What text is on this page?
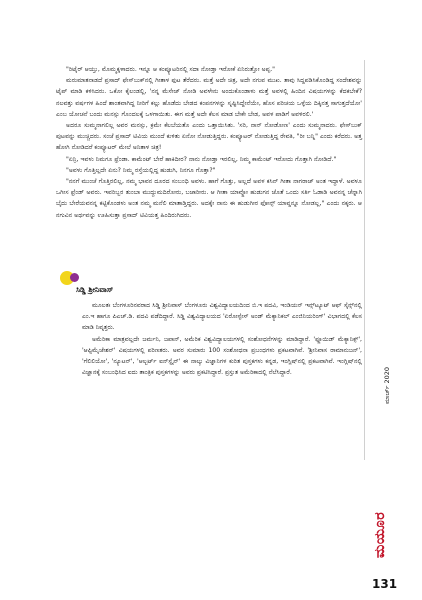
"ರಿಟೈರ್ ಆಯ್ತು, ಮೊಮ್ಮಕ್ಕಳಾದರು. ಇನ್ನೂ ಆ ಕಂಪ್ಯೂಟರಿನಲ್ಲಿ ಸದಾ ನೋಡ್ತಾ ಇರೋಕೆ ಏನಿರುತ್ತೋ ಅಪ್ಪ."

ಮರುಮಾತನಾಡದೆ ಪ್ರಸಾದ್ ಫೇಸ್‌ಬುಕ್‌ನಲ್ಲಿ ಗೀತಾಳ ಫುಟ ತೆರೆದರು. ಮತ್ತೆ ಅದೇ ಚಿತ್ರ, ಅದೇ ನಗುವ ಮುಖ. ತಾವು ಸಿದ್ದಪಡಿಸಿಕೊಂಡಿದ್ದ ಸಂದೇಶವನ್ನು ಟೈಪ್ ಮಾಡಿ ಕಳಿಸಿದರು. ಒಕೋ ಕೈಲಂಡಲ್ಲಿ, 'ನನ್ನ ಮೆಸೇಜ್ ನೋಡಿ ಅವಳೇನು ಅಂದುಕೊಂಡಾಳು ಮತ್ತೆ ಅವಳಲ್ಲಿ ಹಿಂದಿನ ವಿಷಯಗಳನ್ನು ಕೆದಕಬೇಕೆ? ನಲವತ್ತು ವರ್ಷಗಳ ಹಿಂದೆ ಶಾಂತವಾಗಿದ್ದ ನೀರಿಗೆ ಕಲ್ಲು ಹೊಡೆದು ಬೇಡದ ಕಂಪನಗಳನ್ನು ಸೃಷ್ಟಿಸಿದ್ದೇನೆಯೇ, ಹೊಸ ಪರಿಚಯ ಒಳ್ಳೆಯ ದಿಕ್ಕಿನತ್ತ ಸಾಗುತ್ತದೆಯೋ' ಎಂಬ ಯೋಚನೆ ಬಂದು ಮನಸ್ಸು ಗೊಂದಲಕ್ಕೆ ಒಳಗಾಯಿತು. ಈಗ ಮತ್ತೆ ಅದೇ ಕೆಲಸ ಮಾಡ ಬೇಕೇ ಬೇಡ, ಅವಳ ಪಾಡಿಗೆ ಅವಳಿರಲಿ.'

ಅದರೂ ಸುಮ್ಮನಾಗಲಿಲ್ಲ ಅವರ ಮನಸ್ಸು, ಕ್ರಮೇ ಕೆಲಬೆಯತೊ ಎಂದು ಒತ್ತಾಯಿಸಿತು. 'ಸರಿ, ನಾನ್ ನೋಡೋಣ' ಎಂದು ಸುಮ್ಮನಾದರು. ಫೇಸ್‌ಬುಕ್ ಪುಟವನ್ನು ಮುಚ್ಚಿದರು. ಸಂಜೆ ಪ್ರಸಾದ್ ಟಿವಿಯ ಮುಂದೆ ಕುಳಿತು ಏನೋ ನೋಡುತ್ತಿದ್ದರು. ಕಂಪ್ಯೂಟರ್ ನೋಡುತ್ತಿದ್ದ ರೇವತಿ, "ರೀ ಬನ್ನಿ" ಎಂದು ಕರೆದರು. ಅತ್ತ ಹೋಗಿ ನೋಡಿದರೆ ಕಂಪ್ಯೂಟರ್ ಮೇಲೆ ಅನಿತಾಳ ಚಿತ್ರ!

"ಏನ್ರಿ, ಇವಳು ನಿಮಗೂ ಫ್ರೆಂಡಾ. ಕಾಮೆಂಟ್ ಬೇರೆ ಹಾಕಿದೀರ? ನಾನು ನೋಡ್ತಾ ಇರಲಿಲ್ಲ, ನಿಮ್ಮ ಕಾಮೆಂಟ್ ಇರೋದು ಗೊತ್ತಾಗಿ ನೋಡಿದೆ."

"ಅವಳು ಗೊತ್ತಿಲ್ಲದೇ ಏನು? ನಿಮ್ಮ ರಸ್ತೆಯಲ್ಲಿದ್ದ ಹುಡುಗಿ, ನಿನಗೂ ಗೊತ್ತಾ?"

"ನನಗೆ ಮುಂಚೆ ಗೊತ್ತಿರಲಿಲ್ಲ, ನಮ್ಮ ಭಾವನ ದೂರದ ಸಂಬಂಧಿ ಅವಳು. ಹಾಗೆ ಗೊತ್ತು, ಅಲ್ಲದೆ ಅವಳ ಕಸಿನ್ ಗೀತಾ ನಾಗರಾಜ್ ಅಂತ ಇದ್ದಾಳೆ. ಅವಳೂ ಒಗೀಸ ಫ್ರೆಂಡ್ ಅವರು. ಇವರಿಬ್ಬರ ತುಂಬಾ ಮುದ್ದುಮದಿರೋರು, ಬಜಾರೀರು. ಆ ಗೀತಾ ಯಾವ್ದೋ ಹುಡುಗನ ಜೊತೆ ಒಂದು ಸರ್ತಿ ಓಡಾಡಿ ಅವನನ್ನ ಚೆನ್ನಾಗಿ ಬೈದು ಬೇರೆಯವನನ್ನ ಕಟ್ಟಿಕೊಂಡಳು ಅಂತ ನಮ್ಮ ಮನೆಲಿ ಮಾತಾಡ್ತಿದ್ದರು. ಅದಕ್ಕೇ ನಾನು ಈ ಹುಡುಗೀರ ಫೋನ್ಸ್ ಯಾವ್ದನ್ನೂ ನೋಡಲ್ಲ," ಎಂದು ನಕ್ಕರು. ಆ ನಗುವಿನ ಅರ್ಥವನ್ನು ಊಹಿಸುತ್ತಾ ಪ್ರಸಾದ್ ಟಿವಿಯತ್ತ ಹಿಂದಿರುಗಿದರು.

ಸಿಡ್ಡಿ ಶ್ರೀನಿವಾಸ್

ಮೂಲತಃ ಬೆಂಗಳೂರಿನವರಾದ ಸಿಡ್ಡಿ ಶ್ರೀನಿವಾಸ್ ಬೆಂಗಳೂರು ವಿಶ್ವವಿದ್ಯಾಲಯದಿಂದ ಬಿ.ಇ ಪದವಿ, ಇಂಡಿಯನ್ ಇನ್ಸ್‌ಟ್ಯೂಟ್ ಆಫ್ ಸೈನ್ಸ್‌ನಲ್ಲಿ ಎಂ.ಇ ಹಾಗೂ ಪಿಎಚ್.ಡಿ. ಪದವಿ ಪಡೆದಿದ್ದಾರೆ. ಸಿಡ್ಡಿ ವಿಶ್ವವಿದ್ಯಾಲಯದ 'ಏರೋಸ್ಪೇಸ್ ಅಂಡ್ ಮೆಕ್ಯಾನಿಕಲ್ ಎಂಜಿನಿಯರಿಂಗ್' ವಿಭಾಗದಲ್ಲಿ ಕೆಲಸ ಮಾಡಿ ನಿವೃತ್ತರು.

ಅಮೆರಿಕಾ ಮಾತ್ರವಲ್ಲದೇ ಜರ್ಮನಿ, ಜಪಾನ್, ಅಮೆರಿಕ ವಿಶ್ವವಿದ್ಯಾಲಯಗಳಲ್ಲಿ ಸಂಶೋಧನೆಗಳನ್ನು ಮಾಡಿದ್ದಾರೆ. 'ಫ್ಲೂಯಿಡ್ ಮೆಕ್ಯಾನಿಕ್ಸ್', 'ಆಪ್ಟಿಮೈಜೇಶನ್' ವಿಷಯಗಳಲ್ಲಿ ಪರಿಣತರು. ಅವರ ಸುಮಾರು 100 ಸಂಶೋಧನಾ ಪ್ರಬಂಧಗಳು ಪ್ರಕಟವಾಗಿವೆ. 'ಶ್ರೀನಿವಾಸ ರಾಮಾನುಜನ್', 'ಗೆಲಿಲಿಯೋ', 'ನ್ಯೂಟನ್', 'ಆಲ್ಬರ್ಟ್ ಐನ್‌ಸ್ಟೈನ್' ಈ ನಾಲ್ಕು ವಿಜ್ಞಾನಿಗಳ ಕುರಿತ ಪುಸ್ತಕಗಳು ಕನ್ನಡ, ಇಂಗ್ಲಿಷ್‌ನಲ್ಲಿ ಪ್ರಕಟವಾಗಿವೆ. ಇಂಗ್ಲಿಷ್‌ನಲ್ಲಿ ವಿಜ್ಞಾನಕ್ಕೆ ಸಂಬಂಧಿಸಿದ ಐದು ತಾಂತ್ರಿಕ ಪುಸ್ತಕಗಳನ್ನು ಅವರು ಪ್ರಕಟಿಸಿದ್ದಾರೆ. ಪ್ರಸ್ತುತ ಅಮೆರಿಕಾದಲ್ಲಿ ನೆಲೆಸಿದ್ದಾರೆ.	ಮಾರ್ಚ್ 2020
ಮಯೂರ
131
